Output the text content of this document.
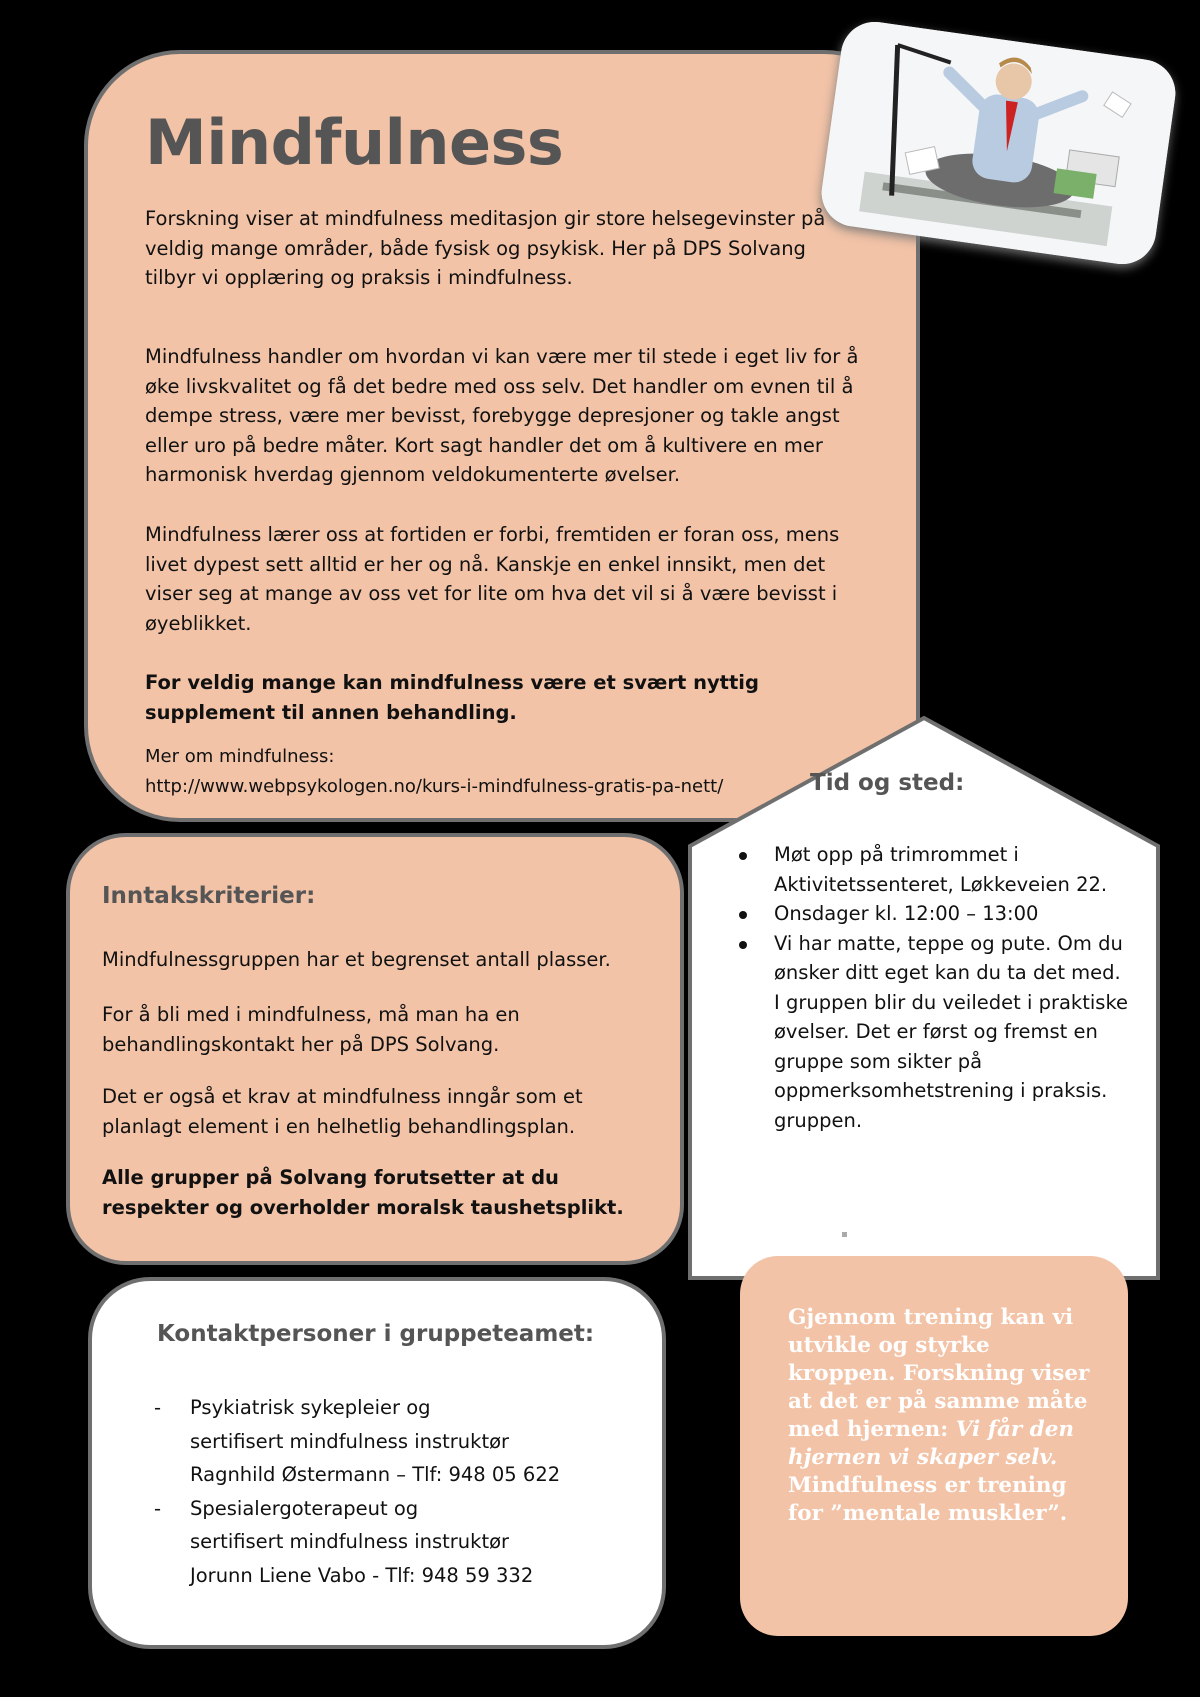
Mindfulness
Forskning viser at mindfulness meditasjon gir store helsegevinster på veldig mange områder, både fysisk og psykisk. Her på DPS Solvang tilbyr vi opplæring og praksis i mindfulness.
Mindfulness handler om hvordan vi kan være mer til stede i eget liv for å øke livskvalitet og få det bedre med oss selv. Det handler om evnen til å dempe stress, være mer bevisst, forebygge depresjoner og takle angst eller uro på bedre måter. Kort sagt handler det om å kultivere en mer harmonisk hverdag gjennom veldokumenterte øvelser.
Mindfulness lærer oss at fortiden er forbi, fremtiden er foran oss, mens livet dypest sett alltid er her og nå. Kanskje en enkel innsikt, men det viser seg at mange av oss vet for lite om hva det vil si å være bevisst i øyeblikket.
For veldig mange kan mindfulness være et svært nyttig supplement til annen behandling.
Mer om mindfulness:
http://www.webpsykologen.no/kurs-i-mindfulness-gratis-pa-nett/	Tid og sted:
Møt opp på trimrommet i Aktivitetssenteret, Løkkeveien 22.
Onsdager kl. 12:00 – 13:00
Vi har matte, teppe og pute. Om du ønsker ditt eget kan du ta det med. I gruppen blir du veiledet i praktiske øvelser. Det er først og fremst en gruppe som sikter på oppmerksomhetstrening i praksis. gruppen.
Inntakskriterier:
Mindfulnessgruppen har et begrenset antall plasser.
For å bli med i mindfulness, må man ha en behandlingskontakt her på DPS Solvang.
Det er også et krav at mindfulness inngår som et planlagt element i en helhetlig behandlingsplan.
Alle grupper på Solvang forutsetter at du respekter og overholder moralsk taushetsplikt.
Kontaktpersoner i gruppeteamet:
- Psykiatrisk sykepleier og
sertifisert mindfulness instruktør
Ragnhild Østermann – Tlf: 948 05 622
- Spesialergoterapeut og
sertifisert mindfulness instruktør
Jorunn Liene Vabo - Tlf: 948 59 332
Gjennom trening kan vi utvikle og styrke kroppen. Forskning viser at det er på samme måte med hjernen: Vi får den hjernen vi skaper selv. Mindfulness er trening for ”mentale muskler”.
